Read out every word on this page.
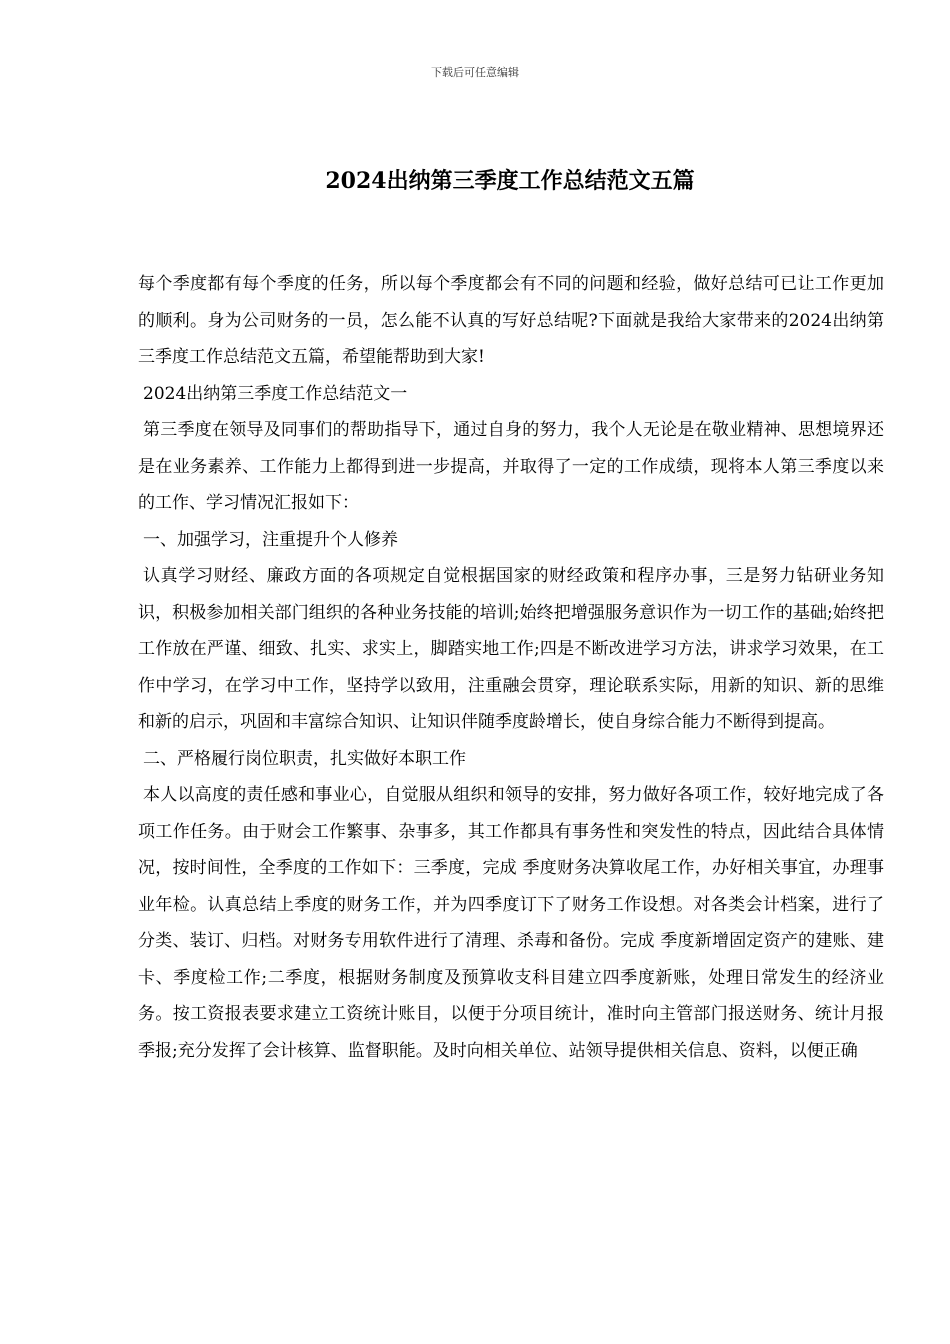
下载后可任意编辑
2024出纳第三季度工作总结范文五篇

每个季度都有每个季度的任务，所以每个季度都会有不同的问题和经验，做好总结可已让工作更加的顺利。身为公司财务的一员，怎么能不认真的写好总结呢?下面就是我给大家带来的2024出纳第三季度工作总结范文五篇，希望能帮助到大家!

2024出纳第三季度工作总结范文一

第三季度在领导及同事们的帮助指导下，通过自身的努力，我个人无论是在敬业精神、思想境界还是在业务素养、工作能力上都得到进一步提高，并取得了一定的工作成绩，现将本人第三季度以来的工作、学习情况汇报如下：

一、加强学习，注重提升个人修养

认真学习财经、廉政方面的各项规定自觉根据国家的财经政策和程序办事，三是努力钻研业务知识，积极参加相关部门组织的各种业务技能的培训;始终把增强服务意识作为一切工作的基础;始终把工作放在严谨、细致、扎实、求实上，脚踏实地工作;四是不断改进学习方法，讲求学习效果，在工作中学习，在学习中工作，坚持学以致用，注重融会贯穿，理论联系实际，用新的知识、新的思维和新的启示，巩固和丰富综合知识、让知识伴随季度龄增长，使自身综合能力不断得到提高。

二、严格履行岗位职责，扎实做好本职工作

本人以高度的责任感和事业心，自觉服从组织和领导的安排，努力做好各项工作，较好地完成了各项工作任务。由于财会工作繁事、杂事多，其工作都具有事务性和突发性的特点，因此结合具体情况，按时间性，全季度的工作如下：三季度，完成 季度财务决算收尾工作，办好相关事宜，办理事业年检。认真总结上季度的财务工作，并为四季度订下了财务工作设想。对各类会计档案，进行了分类、装订、归档。对财务专用软件进行了清理、杀毒和备份。完成 季度新增固定资产的建账、建卡、季度检工作;二季度，根据财务制度及预算收支科目建立四季度新账，处理日常发生的经济业务。按工资报表要求建立工资统计账目，以便于分项目统计，准时向主管部门报送财务、统计月报季报;充分发挥了会计核算、监督职能。及时向相关单位、站领导提供相关信息、资料，以便正确
